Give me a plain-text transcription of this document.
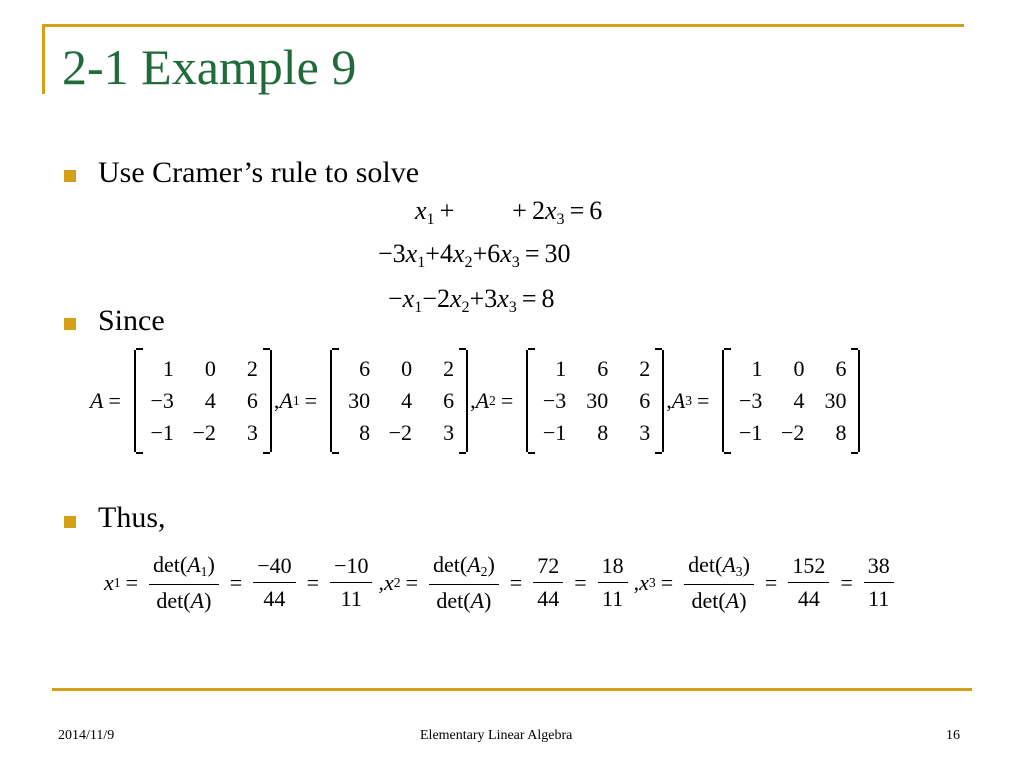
2-1 Example 9
Use Cramer’s rule to solve
$x_1$ + + $2x_3 = 6$
$-3x_1+4x_2+6x_3 = 30$
$-x_1-2x_2+3x_3 = 8$
Since
A =
1	0	2
−3	4	6
−1 −2	3
, A 1 =
6	0	2
30	4	6
8 −2	3
, A 2 =
1	6	2
−3 30	6
−1	8	3
, A 3 =
1	0	6
−3	4 30
−1 −2	8
Thus,
x $1 = \frac{\det(A_1)}{\det(A)} = \frac{-40}{44} = \frac{-10}{11}$ , x $2 = \frac{\det(A_2)}{\det(A)} = \frac{72}{44} = \frac{18}{11}$ , x $3 = \frac{\det(A_3)}{\det(A)} = \frac{152}{44} = \frac{38}{11}$
2014/11/9	Elementary Linear Algebra	16
